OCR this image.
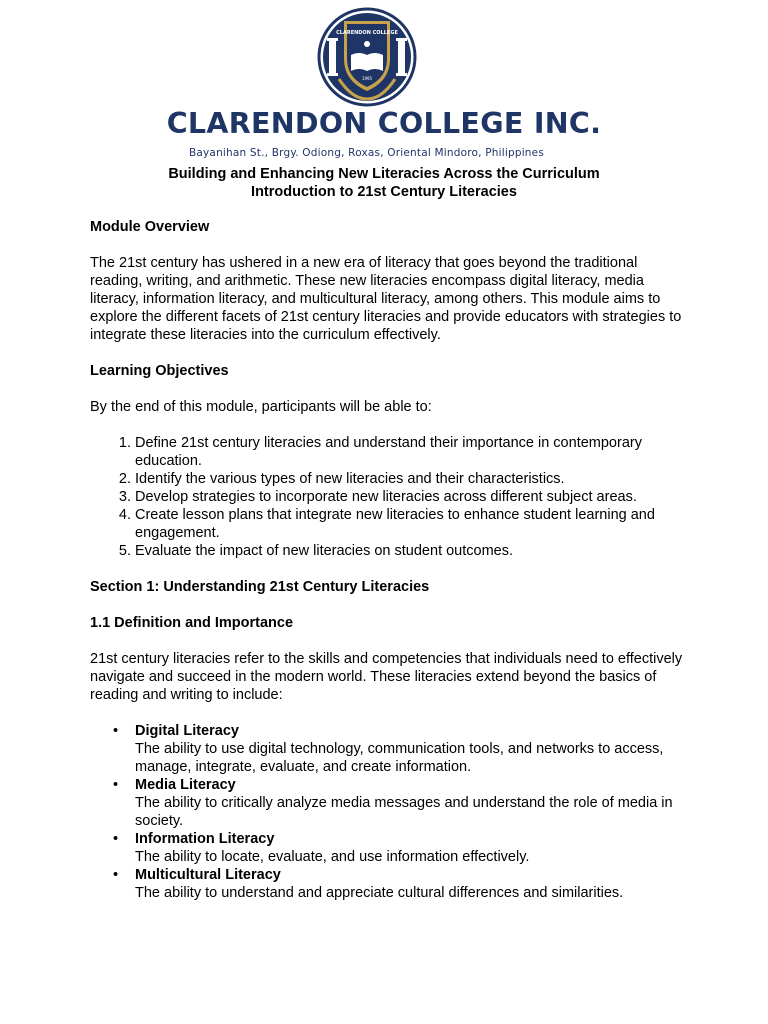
CLARENDON COLLEGE
1995
CLARENDON COLLEGE INC.
Bayanihan St., Brgy. Odiong, Roxas, Oriental Mindoro, Philippines
Building and Enhancing New Literacies Across the Curriculum
Introduction to 21st Century Literacies
Module Overview

The 21st century has ushered in a new era of literacy that goes beyond the traditional reading, writing, and arithmetic. These new literacies encompass digital literacy, media literacy, information literacy, and multicultural literacy, among others. This module aims to explore the different facets of 21st century literacies and provide educators with strategies to integrate these literacies into the curriculum effectively.

Learning Objectives

By the end of this module, participants will be able to:

1. Define 21st century literacies and understand their importance in contemporary education.
2. Identify the various types of new literacies and their characteristics.
3. Develop strategies to incorporate new literacies across different subject areas.
4. Create lesson plans that integrate new literacies to enhance student learning and engagement.
5. Evaluate the impact of new literacies on student outcomes.
Section 1: Understanding 21st Century Literacies
1.1 Definition and Importance

21st century literacies refer to the skills and competencies that individuals need to effectively navigate and succeed in the modern world. These literacies extend beyond the basics of reading and writing to include:

• Digital Literacy
The ability to use digital technology, communication tools, and networks to access, manage, integrate, evaluate, and create information.
• Media Literacy
The ability to critically analyze media messages and understand the role of media in society.
• Information Literacy
The ability to locate, evaluate, and use information effectively.
• Multicultural Literacy
The ability to understand and appreciate cultural differences and similarities.
